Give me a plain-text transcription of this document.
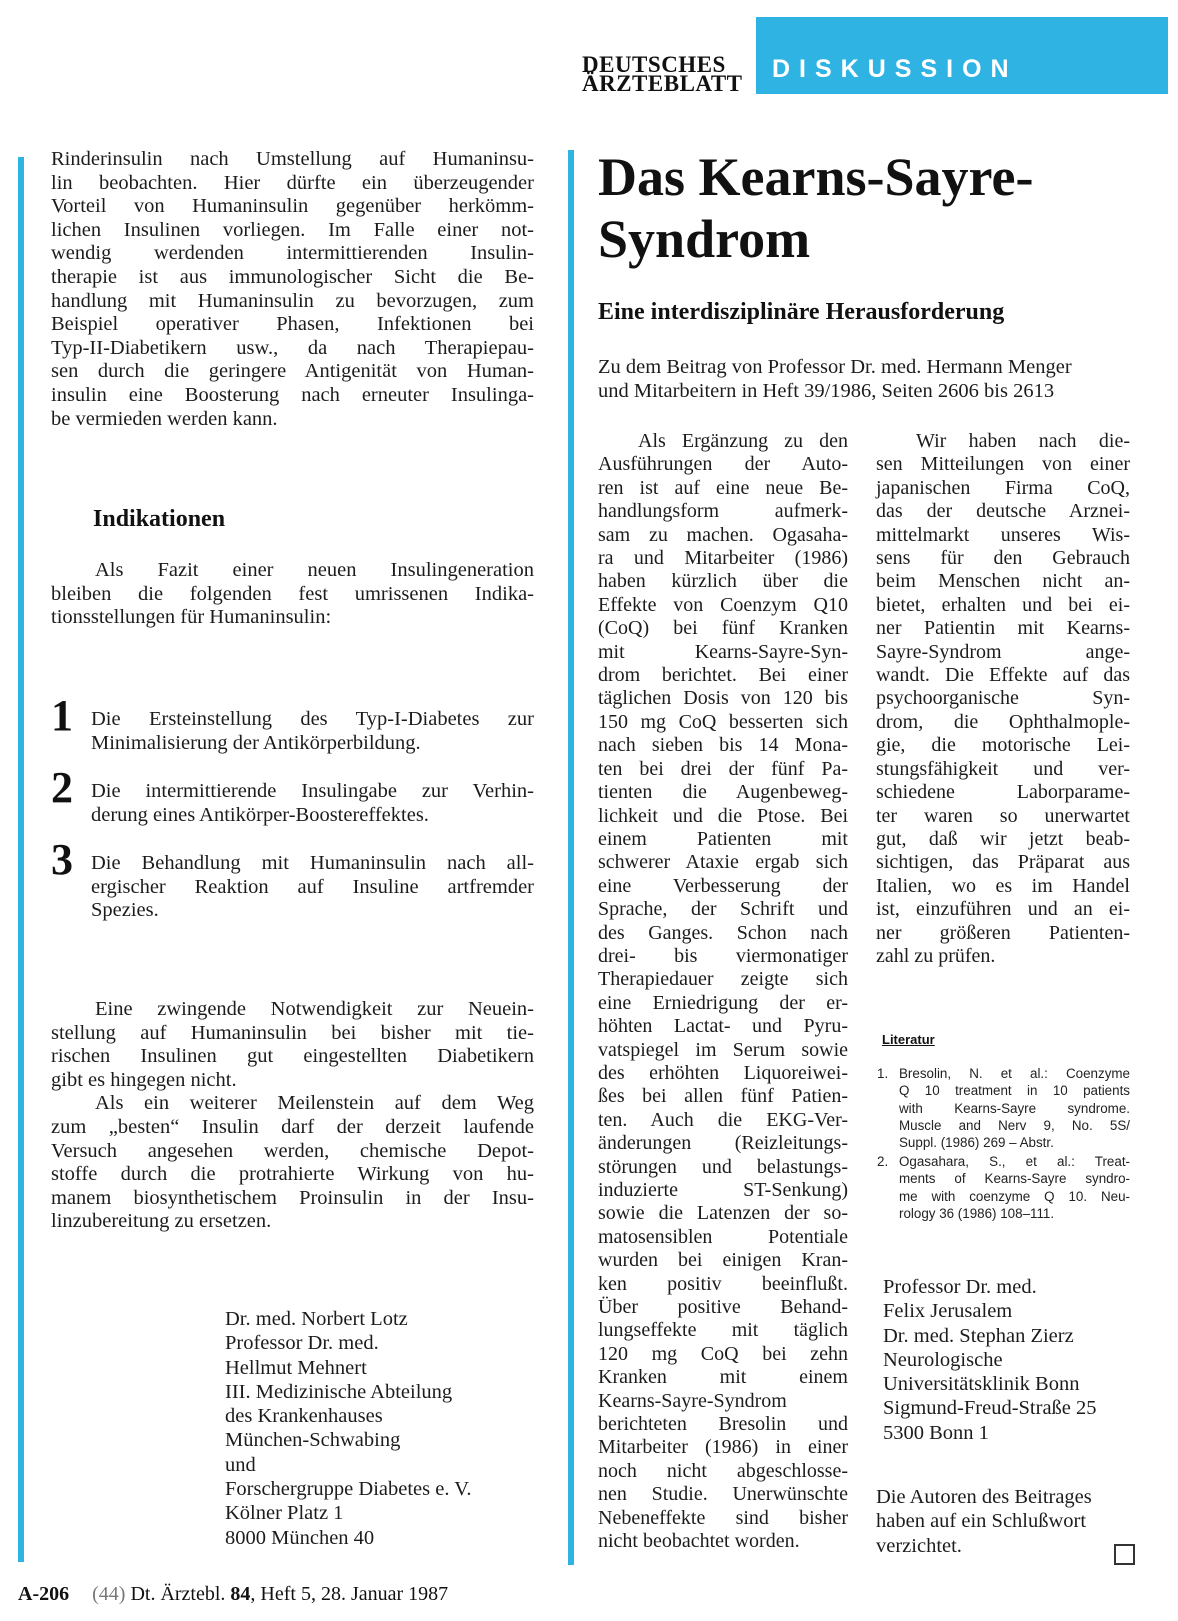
DEUTSCHES
ÄRZTEBLATT
DISKUSSION
Rinderinsulin nach Umstellung auf Humaninsu-
lin beobachten. Hier dürfte ein überzeugender
Vorteil von Humaninsulin gegenüber herkömm-
lichen Insulinen vorliegen. Im Falle einer not-
wendig werdenden intermittierenden Insulin-
therapie ist aus immunologischer Sicht die Be-
handlung mit Humaninsulin zu bevorzugen, zum
Beispiel operativer Phasen, Infektionen bei
Typ-II-Diabetikern usw., da nach Therapiepau-
sen durch die geringere Antigenität von Human-
insulin eine Boosterung nach erneuter Insulinga-
be vermieden werden kann.
Indikationen
Als Fazit einer neuen Insulingeneration
bleiben die folgenden fest umrissenen Indika-
tionsstellungen für Humaninsulin:
1 Die Ersteinstellung des Typ-I-Diabetes zur
Minimalisierung der Antikörperbildung.
2 Die intermittierende Insulingabe zur Verhin-
derung eines Antikörper-Boostereffektes.
3 Die Behandlung mit Humaninsulin nach all-
ergischer Reaktion auf Insuline artfremder
Spezies.
Eine zwingende Notwendigkeit zur Neuein-
stellung auf Humaninsulin bei bisher mit tie-
rischen Insulinen gut eingestellten Diabetikern
gibt es hingegen nicht.
Als ein weiterer Meilenstein auf dem Weg
zum „besten“ Insulin darf der derzeit laufende
Versuch angesehen werden, chemische Depot-
stoffe durch die protrahierte Wirkung von hu-
manem biosynthetischem Proinsulin in der Insu-
linzubereitung zu ersetzen.
Dr. med. Norbert Lotz
Professor Dr. med.
Hellmut Mehnert
III. Medizinische Abteilung
des Krankenhauses
München-Schwabing
und
Forschergruppe Diabetes e. V.
Kölner Platz 1
8000 München 40
Das Kearns-Sayre-
Syndrom
Eine interdisziplinäre Herausforderung
Zu dem Beitrag von Professor Dr. med. Hermann Menger
und Mitarbeitern in Heft 39/1986, Seiten 2606 bis 2613
Als Ergänzung zu den
Ausführungen der Auto-
ren ist auf eine neue Be-
handlungsform aufmerk-
sam zu machen. Ogasaha-
ra und Mitarbeiter (1986)
haben kürzlich über die
Effekte von Coenzym Q10
(CoQ) bei fünf Kranken
mit Kearns-Sayre-Syn-
drom berichtet. Bei einer
täglichen Dosis von 120 bis
150 mg CoQ besserten sich
nach sieben bis 14 Mona-
ten bei drei der fünf Pa-
tienten die Augenbeweg-
lichkeit und die Ptose. Bei
einem Patienten mit
schwerer Ataxie ergab sich
eine Verbesserung der
Sprache, der Schrift und
des Ganges. Schon nach
drei- bis viermonatiger
Therapiedauer zeigte sich
eine Erniedrigung der er-
höhten Lactat- und Pyru-
vatspiegel im Serum sowie
des erhöhten Liquoreiwei-
ßes bei allen fünf Patien-
ten. Auch die EKG-Ver-
änderungen (Reizleitungs-
störungen und belastungs-
induzierte ST-Senkung)
sowie die Latenzen der so-
matosensiblen Potentiale
wurden bei einigen Kran-
ken positiv beeinflußt.
Über positive Behand-
lungseffekte mit täglich
120 mg CoQ bei zehn
Kranken mit einem
Kearns-Sayre-Syndrom
berichteten Bresolin und
Mitarbeiter (1986) in einer
noch nicht abgeschlosse-
nen Studie. Unerwünschte
Nebeneffekte sind bisher
nicht beobachtet worden.
Wir haben nach die-
sen Mitteilungen von einer
japanischen Firma CoQ,
das der deutsche Arznei-
mittelmarkt unseres Wis-
sens für den Gebrauch
beim Menschen nicht an-
bietet, erhalten und bei ei-
ner Patientin mit Kearns-
Sayre-Syndrom ange-
wandt. Die Effekte auf das
psychoorganische Syn-
drom, die Ophthalmople-
gie, die motorische Lei-
stungsfähigkeit und ver-
schiedene Laborparame-
ter waren so unerwartet
gut, daß wir jetzt beab-
sichtigen, das Präparat aus
Italien, wo es im Handel
ist, einzuführen und an ei-
ner größeren Patienten-
zahl zu prüfen.
Literatur
1. Bresolin, N. et al.: Coenzyme
Q 10 treatment in 10 patients
with Kearns-Sayre syndrome.
Muscle and Nerv 9, No. 5S/
Suppl. (1986) 269 – Abstr.
2. Ogasahara, S., et al.: Treat-
ments of Kearns-Sayre syndro-
me with coenzyme Q 10. Neu-
rology 36 (1986) 108–111.
Professor Dr. med.
Felix Jerusalem
Dr. med. Stephan Zierz
Neurologische
Universitätsklinik Bonn
Sigmund-Freud-Straße 25
5300 Bonn 1
Die Autoren des Beitrages
haben auf ein Schlußwort
verzichtet.
A-206 (44) Dt. Ärztebl. 84, Heft 5, 28. Januar 1987
